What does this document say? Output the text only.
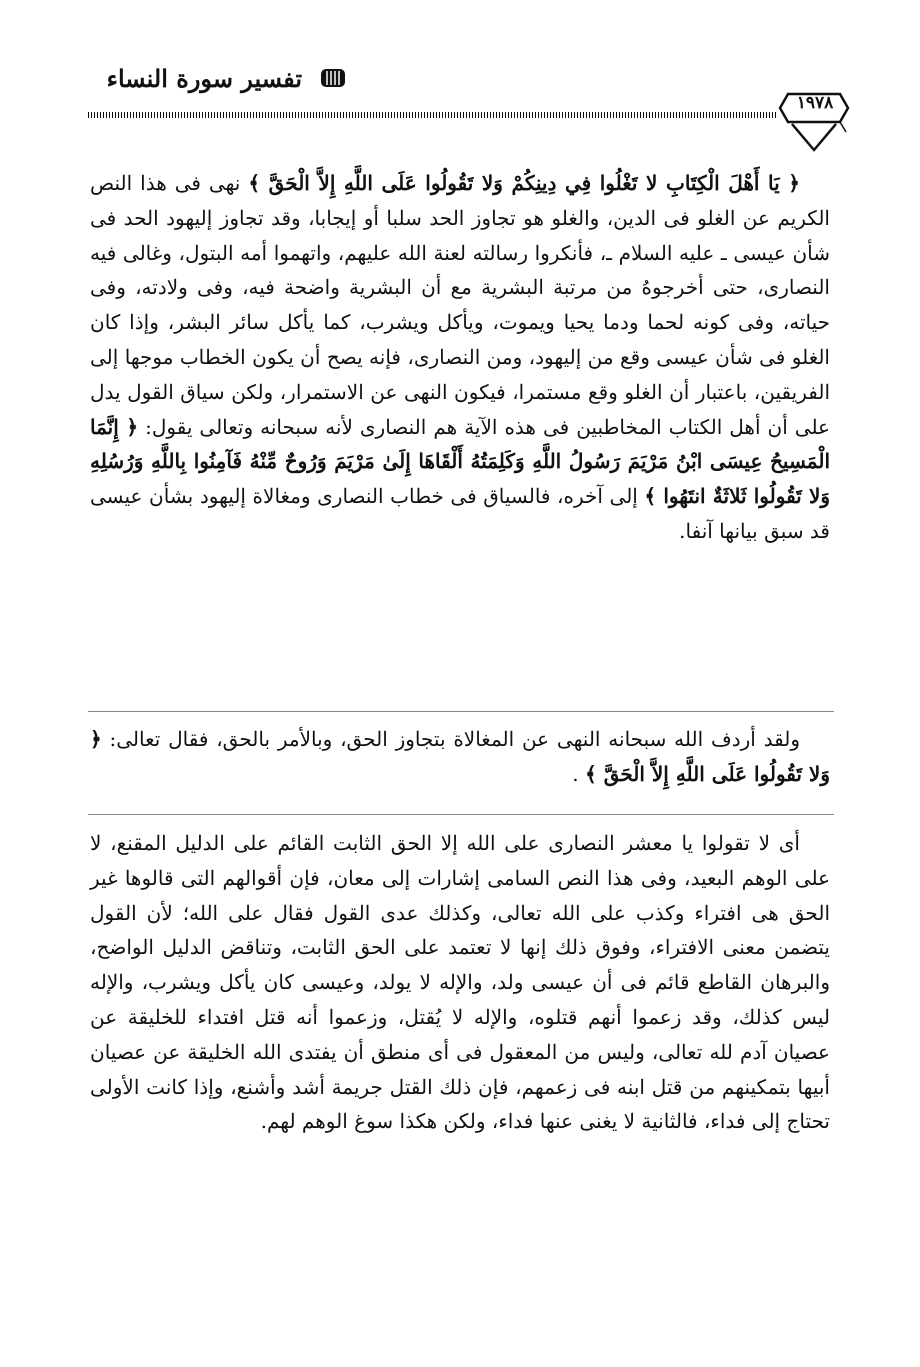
تفسير سورة النساء
١٩٧٨
﴿ يَا أَهْلَ الْكِتَابِ لا تَغْلُوا فِي دِينِكُمْ وَلا تَقُولُوا عَلَى اللَّهِ إِلاَّ الْحَقَّ ﴾ نهى فى هذا النص الكريم عن الغلو فى الدين، والغلو هو تجاوز الحد سلبا أو إيجابا، وقد تجاوز إليهود الحد فى شأن عيسى ـ عليه السلام ـ، فأنكروا رسالته لعنة الله عليهم، واتهموا أمه البتول، وغالى فيه النصارى، حتى أخرجوهُ من مرتبة البشرية مع أن البشرية واضحة فيه، وفى ولادته، وفى حياته، وفى كونه لحما ودما يحيا ويموت، ويأكل ويشرب، كما يأكل سائر البشر، وإذا كان الغلو فى شأن عيسى وقع من إليهود، ومن النصارى، فإنه يصح أن يكون الخطاب موجها إلى الفريقين، باعتبار أن الغلو وقع مستمرا، فيكون النهى عن الاستمرار، ولكن سياق القول يدل على أن أهل الكتاب المخاطبين فى هذه الآية هم النصارى لأنه سبحانه وتعالى يقول: ﴿ إِنَّمَا الْمَسِيحُ عِيسَى ابْنُ مَرْيَمَ رَسُولُ اللَّهِ وَكَلِمَتُهُ أَلْقَاهَا إِلَىٰ مَرْيَمَ وَرُوحٌ مِّنْهُ فَآمِنُوا بِاللَّهِ وَرُسُلِهِ وَلا تَقُولُوا ثَلاثَةٌ انتَهُوا ﴾ إلى آخره، فالسياق فى خطاب النصارى ومغالاة إليهود بشأن عيسى قد سبق بيانها آنفا.
ولقد أردف الله سبحانه النهى عن المغالاة بتجاوز الحق، وبالأمر بالحق، فقال تعالى: ﴿ وَلا تَقُولُوا عَلَى اللَّهِ إِلاَّ الْحَقَّ ﴾ .
أى لا تقولوا يا معشر النصارى على الله إلا الحق الثابت القائم على الدليل المقنع، لا على الوهم البعيد، وفى هذا النص السامى إشارات إلى معان، فإن أقوالهم التى قالوها غير الحق هى افتراء وكذب على الله تعالى، وكذلك عدى القول فقال على الله؛ لأن القول يتضمن معنى الافتراء، وفوق ذلك إنها لا تعتمد على الحق الثابت، وتناقض الدليل الواضح، والبرهان القاطع قائم فى أن عيسى ولد، والإله لا يولد، وعيسى كان يأكل ويشرب، والإله ليس كذلك، وقد زعموا أنهم قتلوه، والإله لا يُقتل، وزعموا أنه قتل افتداء للخليقة عن عصيان آدم لله تعالى، وليس من المعقول فى أى منطق أن يفتدى الله الخليقة عن عصيان أبيها بتمكينهم من قتل ابنه فى زعمهم، فإن ذلك القتل جريمة أشد وأشنع، وإذا كانت الأولى تحتاج إلى فداء، فالثانية لا يغنى عنها فداء، ولكن هكذا سوغ الوهم لهم.
